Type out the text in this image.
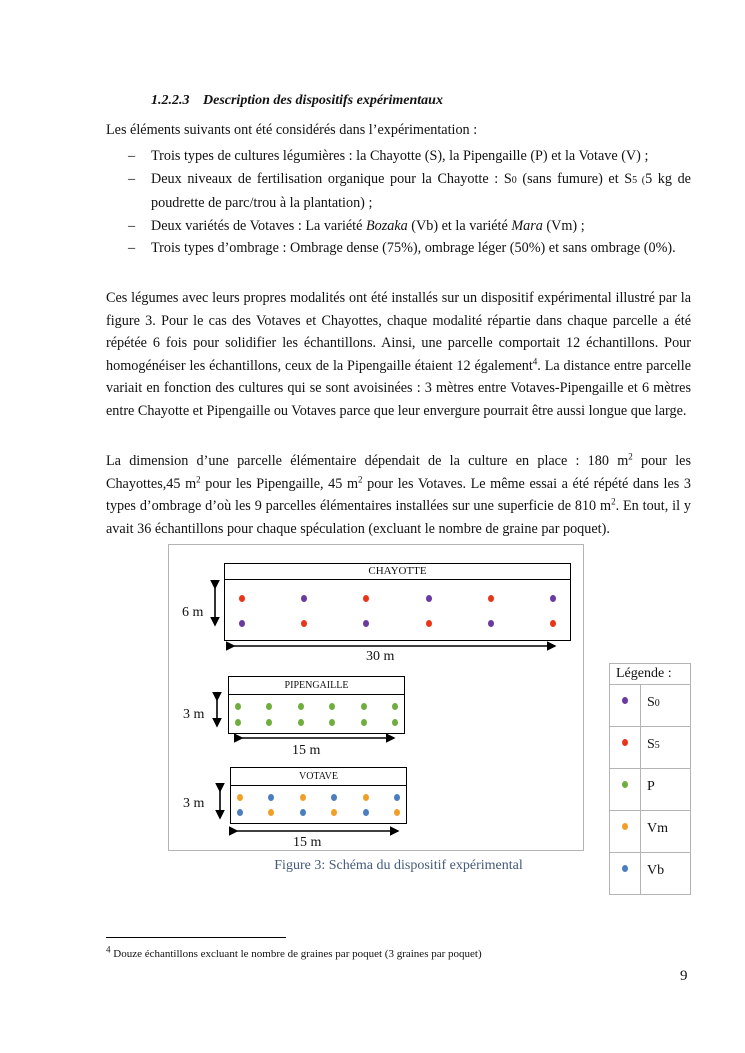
1.2.2.3 Description des dispositifs expérimentaux
Les éléments suivants ont été considérés dans l’expérimentation :
– Trois types de cultures légumières : la Chayotte (S), la Pipengaille (P) et la Votave (V) ;
– Deux niveaux de fertilisation organique pour la Chayotte : S0 (sans fumure) et S5 (5 kg de poudrette de parc/trou à la plantation) ;
– Deux variétés de Votaves : La variété Bozaka (Vb) et la variété Mara (Vm) ;
– Trois types d’ombrage : Ombrage dense (75%), ombrage léger (50%) et sans ombrage (0%).
Ces légumes avec leurs propres modalités ont été installés sur un dispositif expérimental illustré par la figure 3. Pour le cas des Votaves et Chayottes, chaque modalité répartie dans chaque parcelle a été répétée 6 fois pour solidifier les échantillons. Ainsi, une parcelle comportait 12 échantillons. Pour homogénéiser les échantillons, ceux de la Pipengaille étaient 12 également$^4$. La distance entre parcelle variait en fonction des cultures qui se sont avoisinées : 3 mètres entre Votaves-Pipengaille et 6 mètres entre Chayotte et Pipengaille ou Votaves parce que leur envergure pourrait être aussi longue que large.
La dimension d’une parcelle élémentaire dépendait de la culture en place : 180 $m^2$ pour les Chayottes,45 $m^2$ pour les Pipengaille, 45 $m^2$ pour les Votaves. Le même essai a été répété dans les 3 types d’ombrage d’où les 9 parcelles élémentaires installées sur une superficie de 810 $m^2$. En tout, il y avait 36 échantillons pour chaque spéculation (excluant le nombre de graine par poquet).
CHAYOTTE
6 m
30 m
PIPENGAILLE
3 m
15 m
VOTAVE
3 m
15 m
Légende :	
	S0
	S5
	P
	Vm
	Vb
Figure 3: Schéma du dispositif expérimental
$^4$ Douze échantillons excluant le nombre de graines par poquet (3 graines par poquet)
9
